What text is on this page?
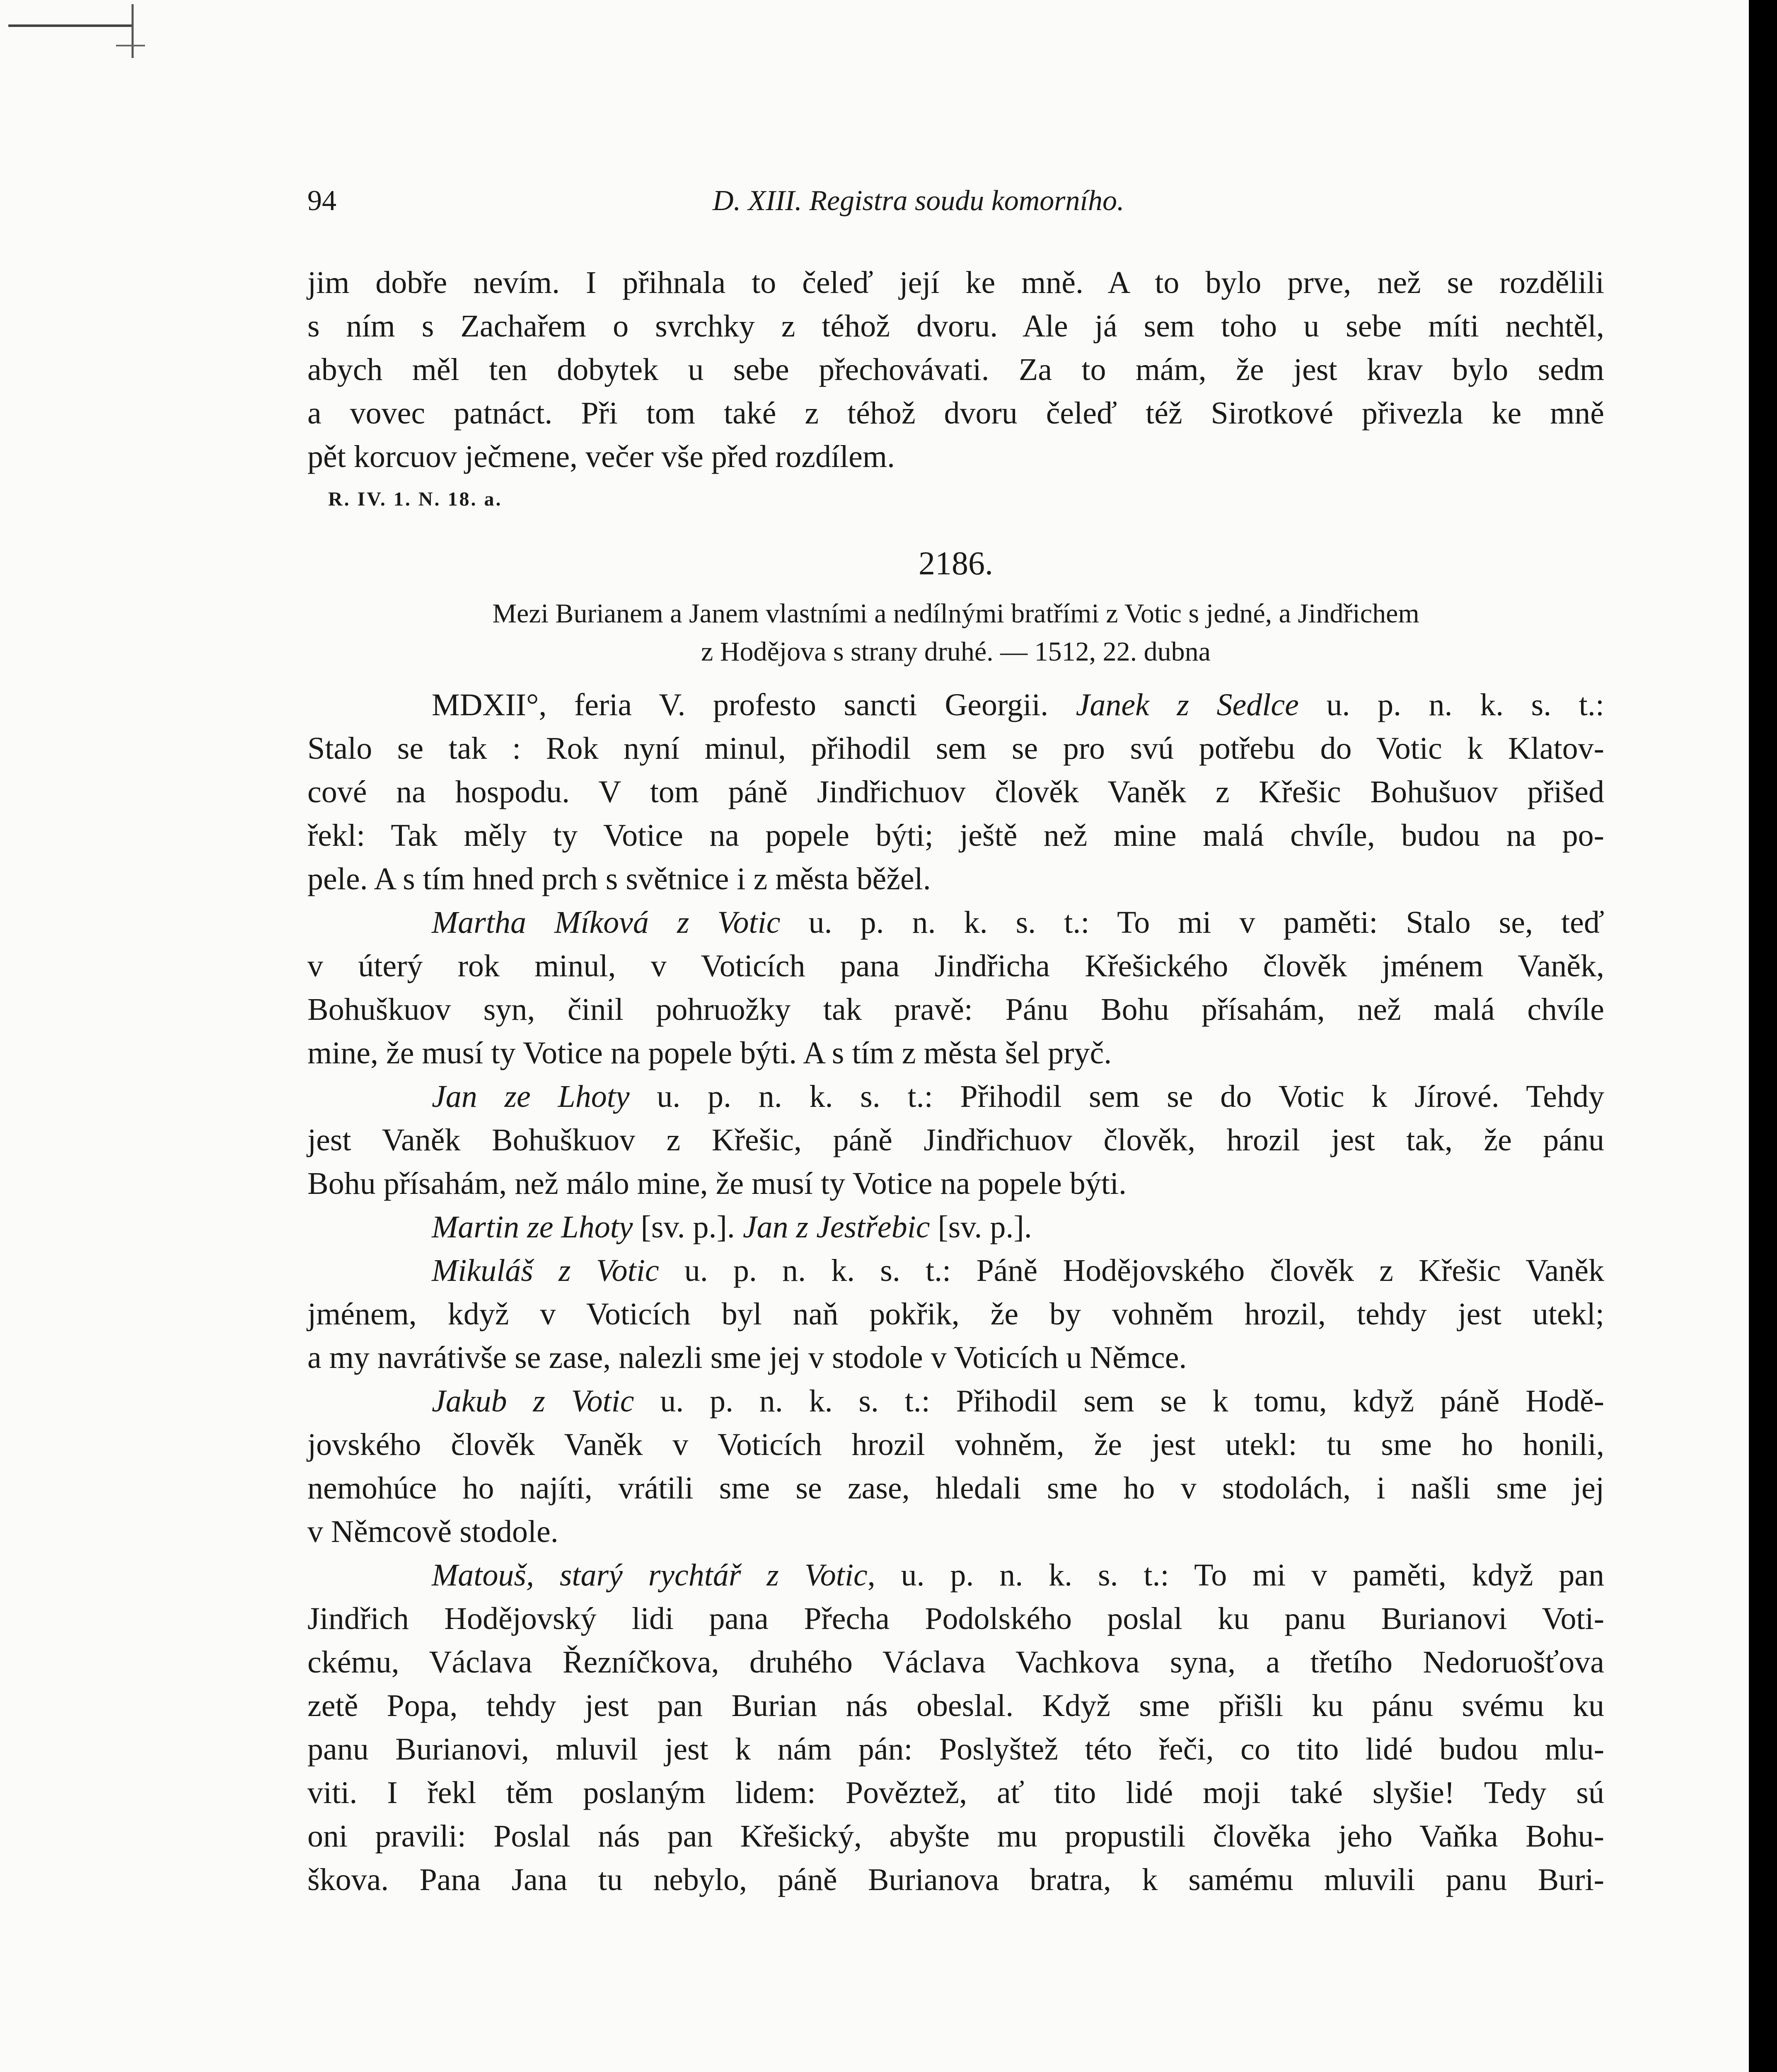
94	D. XIII. Registra soudu komorního.
jim dobře nevím. I přihnala to čeleď její ke mně. A to bylo prve, než se rozdělili
s ním s Zachařem o svrchky z téhož dvoru. Ale já sem toho u sebe míti nechtěl,
abych měl ten dobytek u sebe přechovávati. Za to mám, že jest krav bylo sedm
a vovec patnáct. Při tom také z téhož dvoru čeleď též Sirotkové přivezla ke mně
pět korcuov ječmene, večer vše před rozdílem.
R. IV. 1. N. 18. a.
2186.
Mezi Burianem a Janem vlastními a nedílnými bratřími z Votic s jedné, a Jindřichem
z Hodějova s strany druhé. — 1512, 22. dubna
MDXII°, feria V. profesto sancti Georgii. Janek z Sedlce u. p. n. k. s. t.:
Stalo se tak : Rok nyní minul, přihodil sem se pro svú potřebu do Votic k Klatov-
cové na hospodu. V tom páně Jindřichuov člověk Vaněk z Křešic Bohušuov přišed
řekl: Tak měly ty Votice na popele býti; ještě než mine malá chvíle, budou na po-
pele. A s tím hned prch s světnice i z města běžel.
Martha Míková z Votic u. p. n. k. s. t.: To mi v paměti: Stalo se, teď
v úterý rok minul, v Voticích pana Jindřicha Křešického člověk jménem Vaněk,
Bohuškuov syn, činil pohruožky tak pravě: Pánu Bohu přísahám, než malá chvíle
mine, že musí ty Votice na popele býti. A s tím z města šel pryč.
Jan ze Lhoty u. p. n. k. s. t.: Přihodil sem se do Votic k Jírové. Tehdy
jest Vaněk Bohuškuov z Křešic, páně Jindřichuov člověk, hrozil jest tak, že pánu
Bohu přísahám, než málo mine, že musí ty Votice na popele býti.
Martin ze Lhoty [sv. p.]. Jan z Jestřebic [sv. p.].
Mikuláš z Votic u. p. n. k. s. t.: Páně Hodějovského člověk z Křešic Vaněk
jménem, když v Voticích byl naň pokřik, že by vohněm hrozil, tehdy jest utekl;
a my navrátivše se zase, nalezli sme jej v stodole v Voticích u Němce.
Jakub z Votic u. p. n. k. s. t.: Přihodil sem se k tomu, když páně Hodě-
jovského člověk Vaněk v Voticích hrozil vohněm, že jest utekl: tu sme ho honili,
nemohúce ho najíti, vrátili sme se zase, hledali sme ho v stodolách, i našli sme jej
v Němcově stodole.
Matouš, starý rychtář z Votic, u. p. n. k. s. t.: To mi v paměti, když pan
Jindřich Hodějovský lidi pana Přecha Podolského poslal ku panu Burianovi Voti-
ckému, Václava Řezníčkova, druhého Václava Vachkova syna, a třetího Nedoruošťova
zetě Popa, tehdy jest pan Burian nás obeslal. Když sme přišli ku pánu svému ku
panu Burianovi, mluvil jest k nám pán: Poslyštež této řeči, co tito lidé budou mlu-
viti. I řekl těm poslaným lidem: Pověztež, ať tito lidé moji také slyšie! Tedy sú
oni pravili: Poslal nás pan Křešický, abyšte mu propustili člověka jeho Vaňka Bohu-
škova. Pana Jana tu nebylo, páně Burianova bratra, k samému mluvili panu Buri-
